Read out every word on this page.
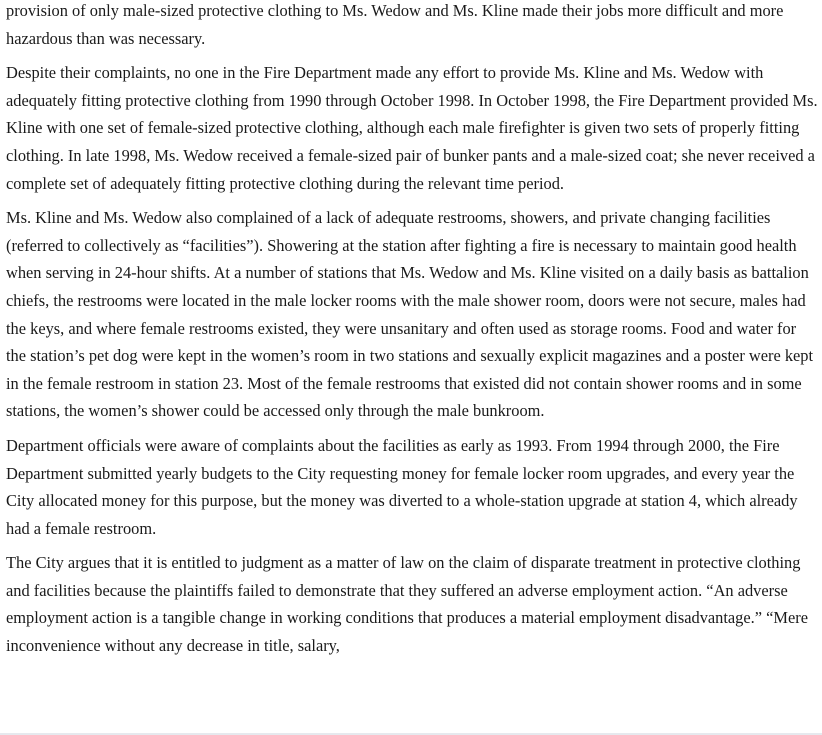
provision of only male-sized protective clothing to Ms. Wedow and Ms. Kline made their jobs more difficult and more hazardous than was necessary.

Despite their complaints, no one in the Fire Department made any effort to provide Ms. Kline and Ms. Wedow with adequately fitting protective clothing from 1990 through October 1998. In October 1998, the Fire Department provided Ms. Kline with one set of female-sized protective clothing, although each male firefighter is given two sets of properly fitting clothing. In late 1998, Ms. Wedow received a female-sized pair of bunker pants and a male-sized coat; she never received a complete set of adequately fitting protective clothing during the relevant time period.

Ms. Kline and Ms. Wedow also complained of a lack of adequate restrooms, showers, and private changing facilities (referred to collectively as “facilities”). Showering at the station after fighting a fire is necessary to maintain good health when serving in 24-hour shifts. At a number of stations that Ms. Wedow and Ms. Kline visited on a daily basis as battalion chiefs, the restrooms were located in the male locker rooms with the male shower room, doors were not secure, males had the keys, and where female restrooms existed, they were unsanitary and often used as storage rooms. Food and water for the station’s pet dog were kept in the women’s room in two stations and sexually explicit magazines and a poster were kept in the female restroom in station 23. Most of the female restrooms that existed did not contain shower rooms and in some stations, the women’s shower could be accessed only through the male bunkroom.

Department officials were aware of complaints about the facilities as early as 1993. From 1994 through 2000, the Fire Department submitted yearly budgets to the City requesting money for female locker room upgrades, and every year the City allocated money for this purpose, but the money was diverted to a whole-station upgrade at station 4, which already had a female restroom.

The City argues that it is entitled to judgment as a matter of law on the claim of disparate treatment in protective clothing and facilities because the plaintiffs failed to demonstrate that they suffered an adverse employment action. “An adverse employment action is a tangible change in working conditions that produces a material employment disadvantage.” “Mere inconvenience without any decrease in title, salary,
